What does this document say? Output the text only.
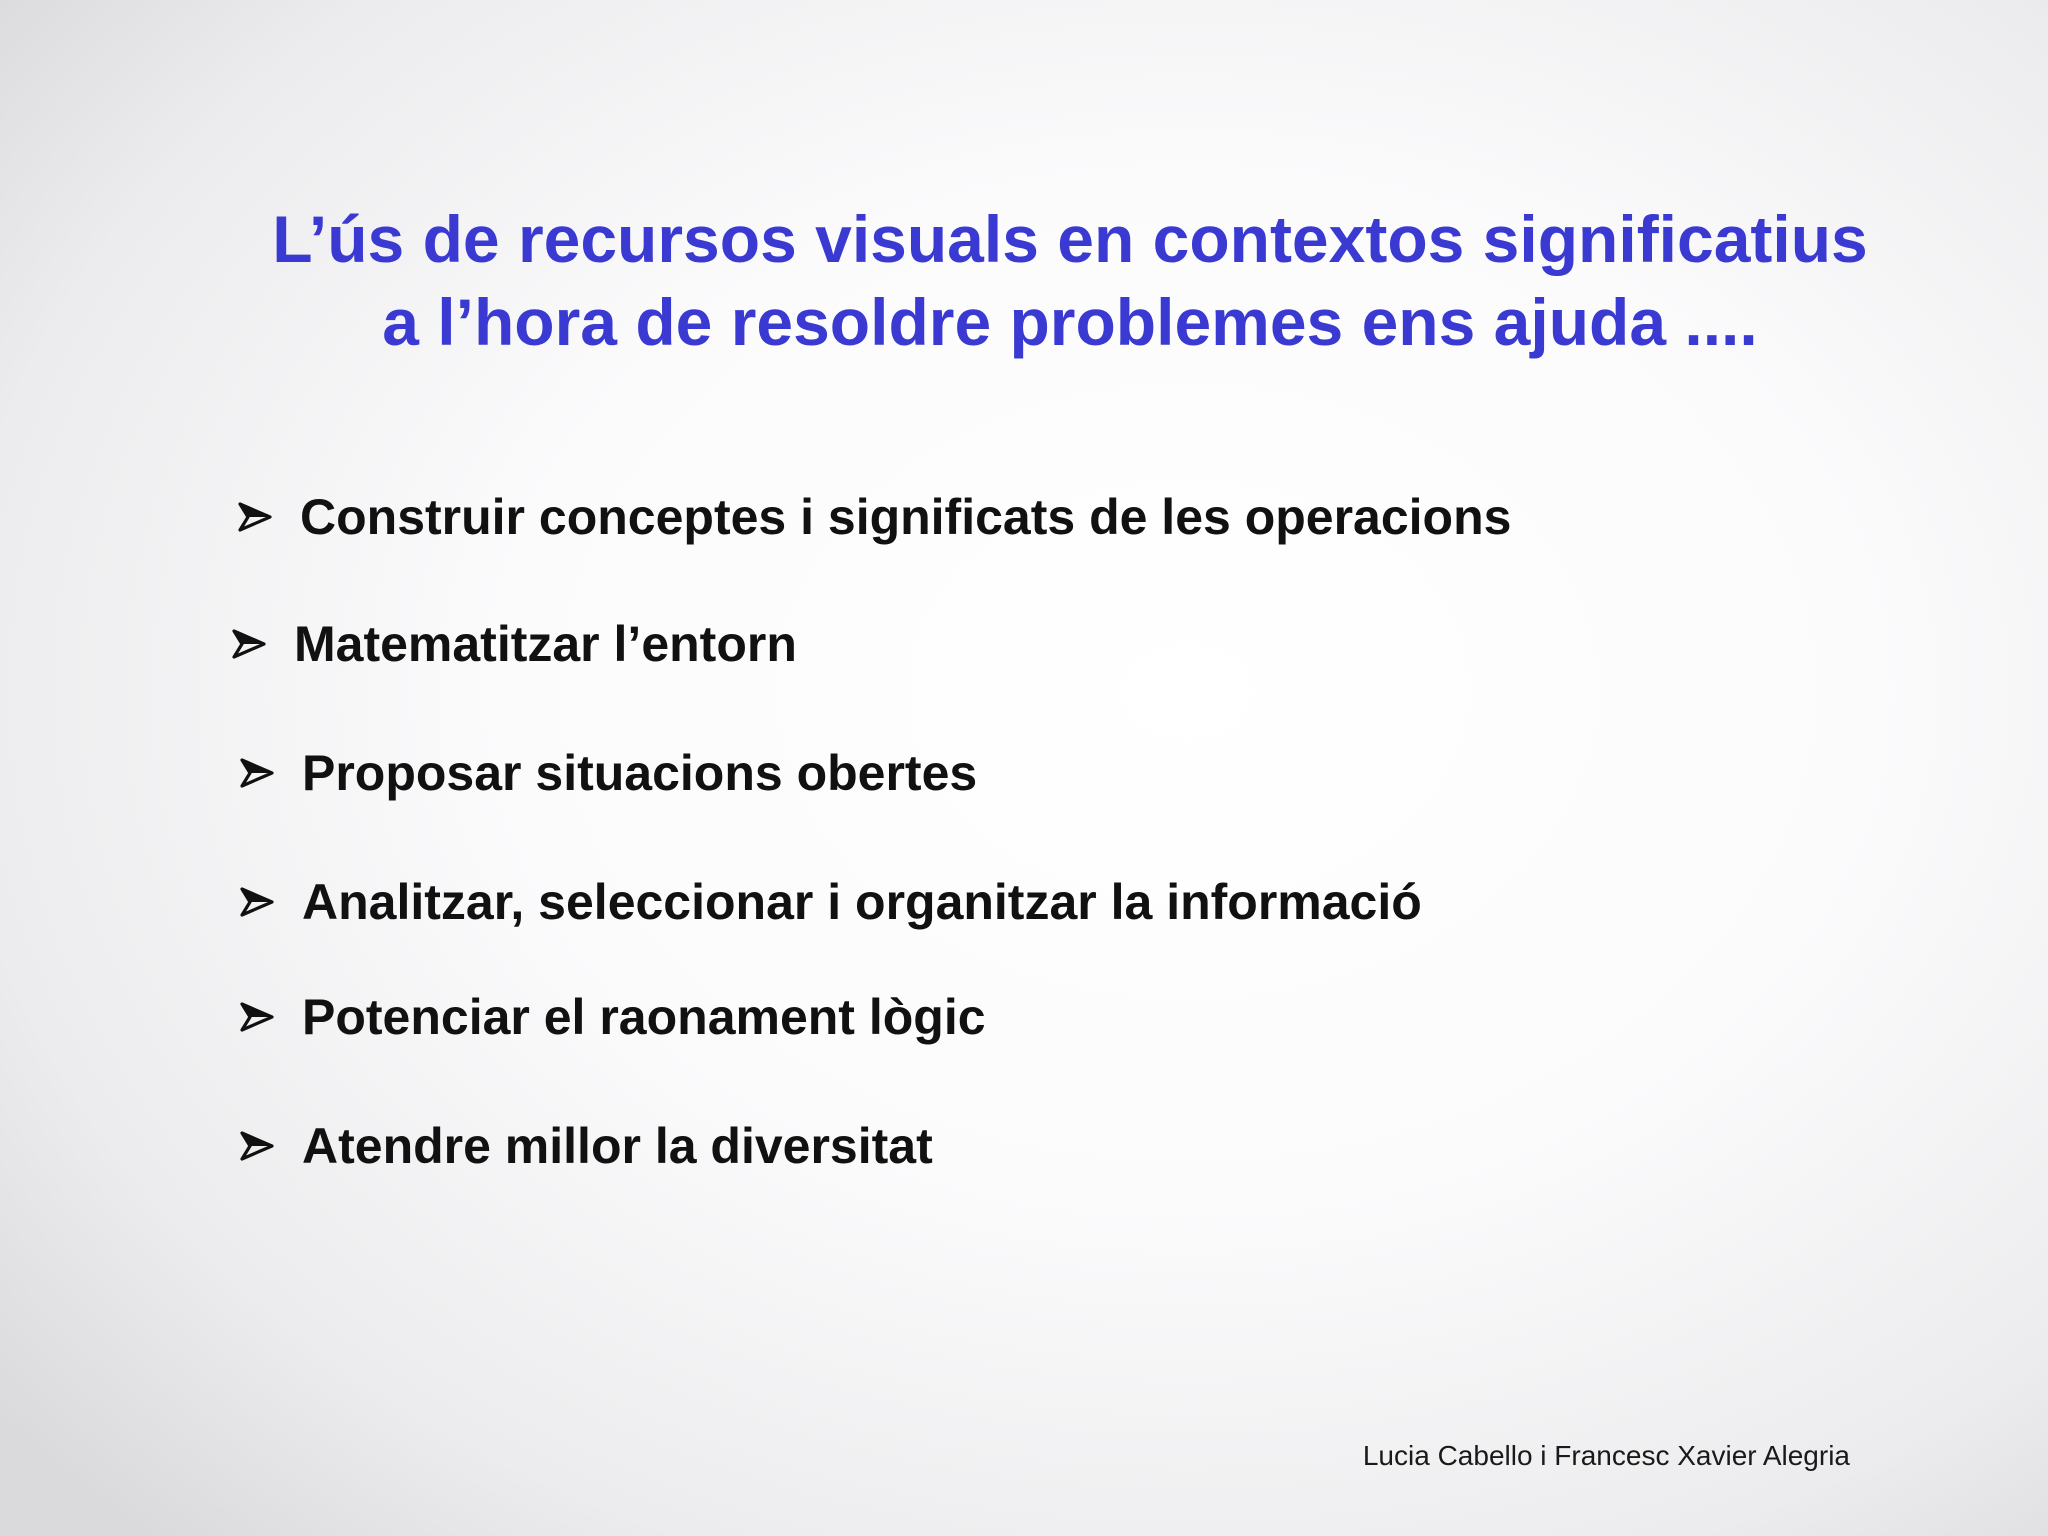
L’ús de recursos visuals en contextos significatius
a l’hora de resoldre problemes ens ajuda ....
Construir conceptes i significats de les operacions
Matematitzar l’entorn
Proposar situacions obertes
Analitzar, seleccionar i organitzar la informació
Potenciar el raonament lògic
Atendre millor la diversitat
Lucia Cabello i Francesc Xavier Alegria
